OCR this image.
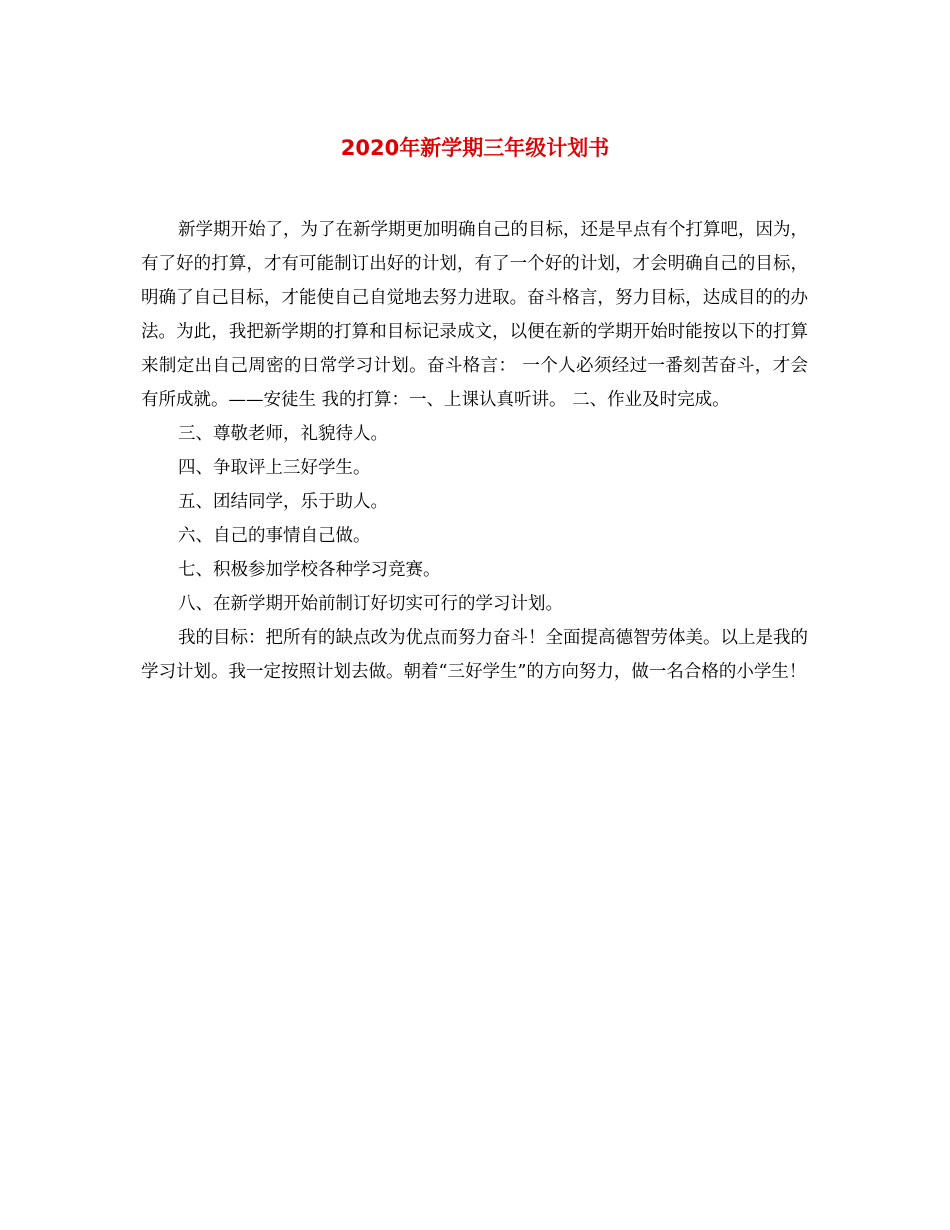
2020年新学期三年级计划书

新学期开始了，为了在新学期更加明确自己的目标，还是早点有个打算吧，因为，有了好的打算，才有可能制订出好的计划，有了一个好的计划，才会明确自己的目标，明确了自己目标，才能使自己自觉地去努力进取。奋斗格言，努力目标，达成目的的办法。为此，我把新学期的打算和目标记录成文，以便在新的学期开始时能按以下的打算来制定出自己周密的日常学习计划。奋斗格言： 一个人必须经过一番刻苦奋斗，才会有所成就。——安徒生 我的打算：一、上课认真听讲。 二、作业及时完成。

三、尊敬老师，礼貌待人。

四、争取评上三好学生。

五、团结同学，乐于助人。

六、自己的事情自己做。

七、积极参加学校各种学习竞赛。

八、在新学期开始前制订好切实可行的学习计划。

我的目标：把所有的缺点改为优点而努力奋斗！全面提高德智劳体美。以上是我的学习计划。我一定按照计划去做。朝着“三好学生”的方向努力，做一名合格的小学生！
